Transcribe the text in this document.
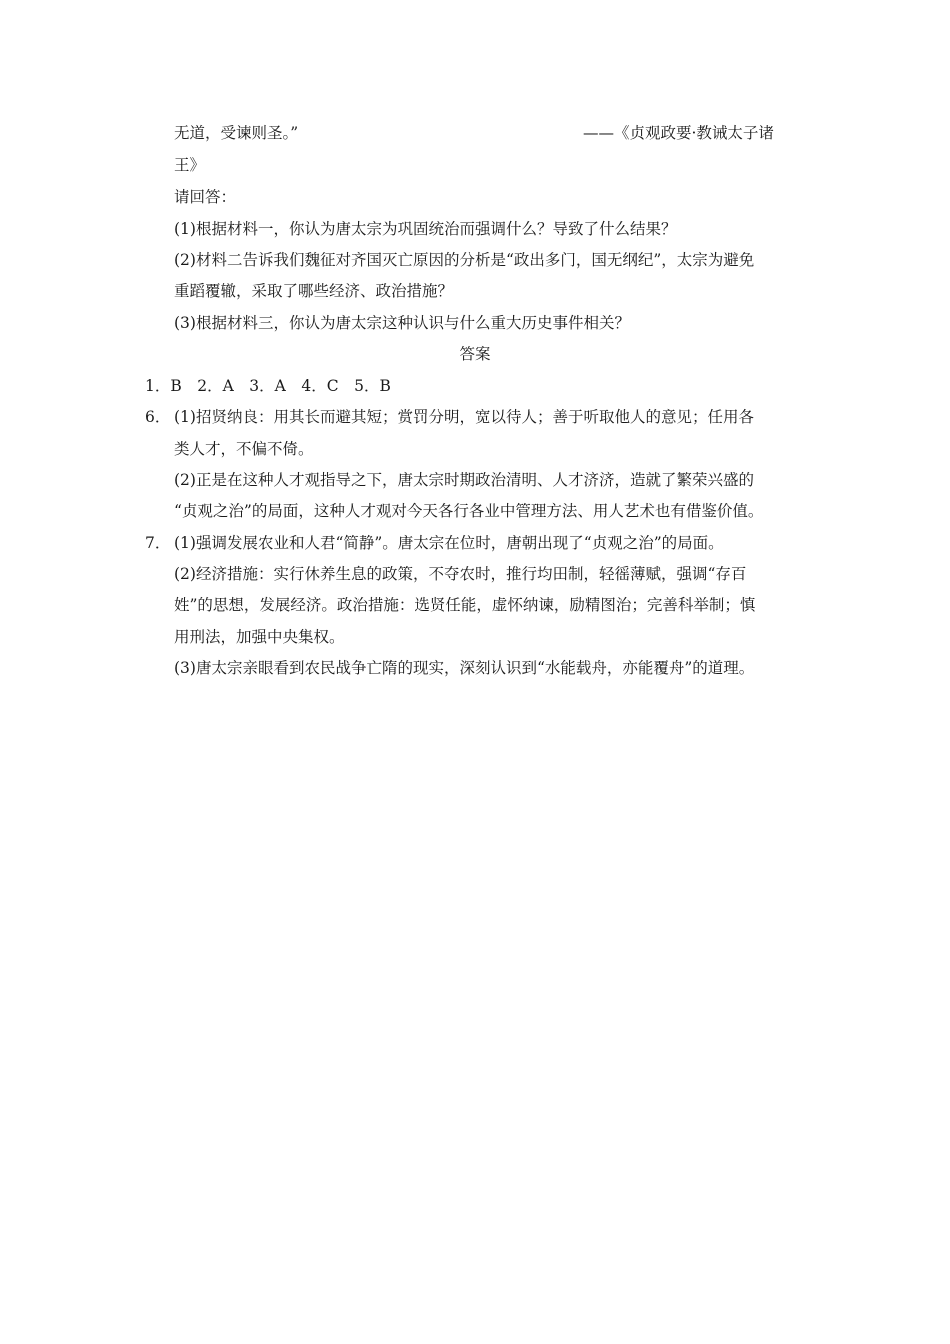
无道，受谏则圣。”	——《贞观政要·教诫太子诸
王》
请回答：
(1)根据材料一，你认为唐太宗为巩固统治而强调什么？导致了什么结果？
(2)材料二告诉我们魏征对齐国灭亡原因的分析是“政出多门，国无纲纪”，太宗为避免
重蹈覆辙，采取了哪些经济、政治措施？
(3)根据材料三，你认为唐太宗这种认识与什么重大历史事件相关？
答案
1．B　2．A　3．A　4．C　5．B
6． (1)招贤纳良：用其长而避其短；赏罚分明，宽以待人；善于听取他人的意见；任用各
类人才，不偏不倚。
(2)正是在这种人才观指导之下，唐太宗时期政治清明、人才济济，造就了繁荣兴盛的
“贞观之治”的局面，这种人才观对今天各行各业中管理方法、用人艺术也有借鉴价值。
7． (1)强调发展农业和人君“简静”。唐太宗在位时，唐朝出现了“贞观之治”的局面。
(2)经济措施：实行休养生息的政策，不夺农时，推行均田制，轻徭薄赋，强调“存百
姓”的思想，发展经济。政治措施：选贤任能，虚怀纳谏，励精图治；完善科举制；慎
用刑法，加强中央集权。
(3)唐太宗亲眼看到农民战争亡隋的现实，深刻认识到“水能载舟，亦能覆舟”的道理。
